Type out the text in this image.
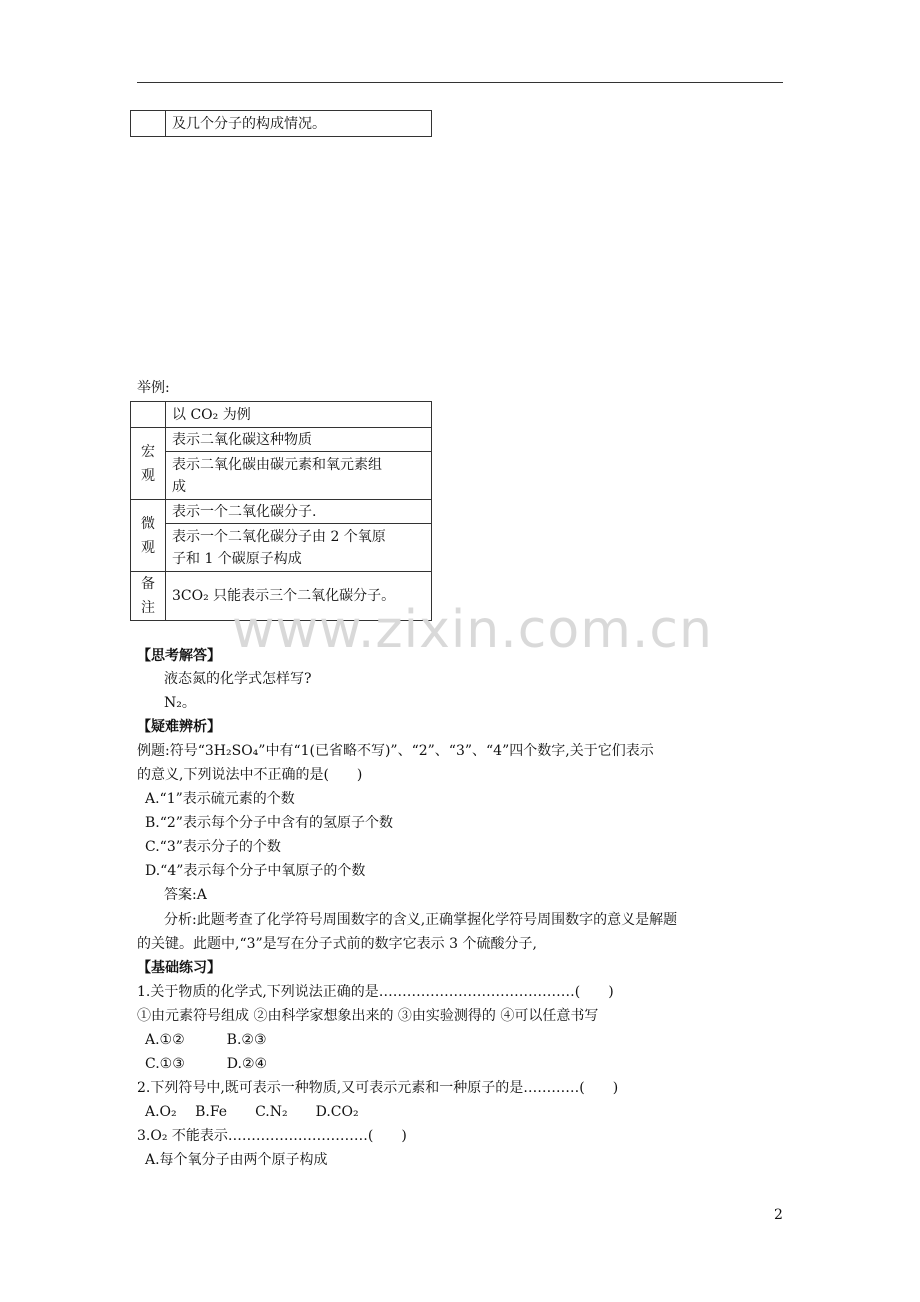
	及几个分子的构成情况。
举例:
	以 CO₂ 为例
宏观	表示二氧化碳这种物质

	表示二氧化碳由碳元素和氧元素组
成

微观	表示一个二氧化碳分子.

	表示一个二氧化碳分子由 2 个氧原
子和 1 个碳原子构成

备注	3CO₂ 只能表示三个二氧化碳分子。
www.zixin.com.cn
【思考解答】
液态氮的化学式怎样写?
N₂。
【疑难辨析】
例题:符号“3H₂SO₄”中有“1(已省略不写)”、“2”、“3”、“4”四个数字,关于它们表示
的意义,下列说法中不正确的是(　　)
A.“1”表示硫元素的个数
B.“2”表示每个分子中含有的氢原子个数
C.“3”表示分子的个数
D.“4”表示每个分子中氧原子的个数
答案:A
分析:此题考查了化学符号周围数字的含义,正确掌握化学符号周围数字的意义是解题
的关键。此题中,“3”是写在分子式前的数字它表示 3 个硫酸分子,
【基础练习】
1.关于物质的化学式,下列说法正确的是……………………………………(　　)
①由元素符号组成 ②由科学家想象出来的 ③由实验测得的 ④可以任意书写
A.①②　　　B.②③
C.①③　　　D.②④
2.下列符号中,既可表示一种物质,又可表示元素和一种原子的是…………(　　)
A.O₂　 B.Fe　　C.N₂　　D.CO₂
3.O₂ 不能表示…………………………(　　)
A.每个氧分子由两个原子构成
2
